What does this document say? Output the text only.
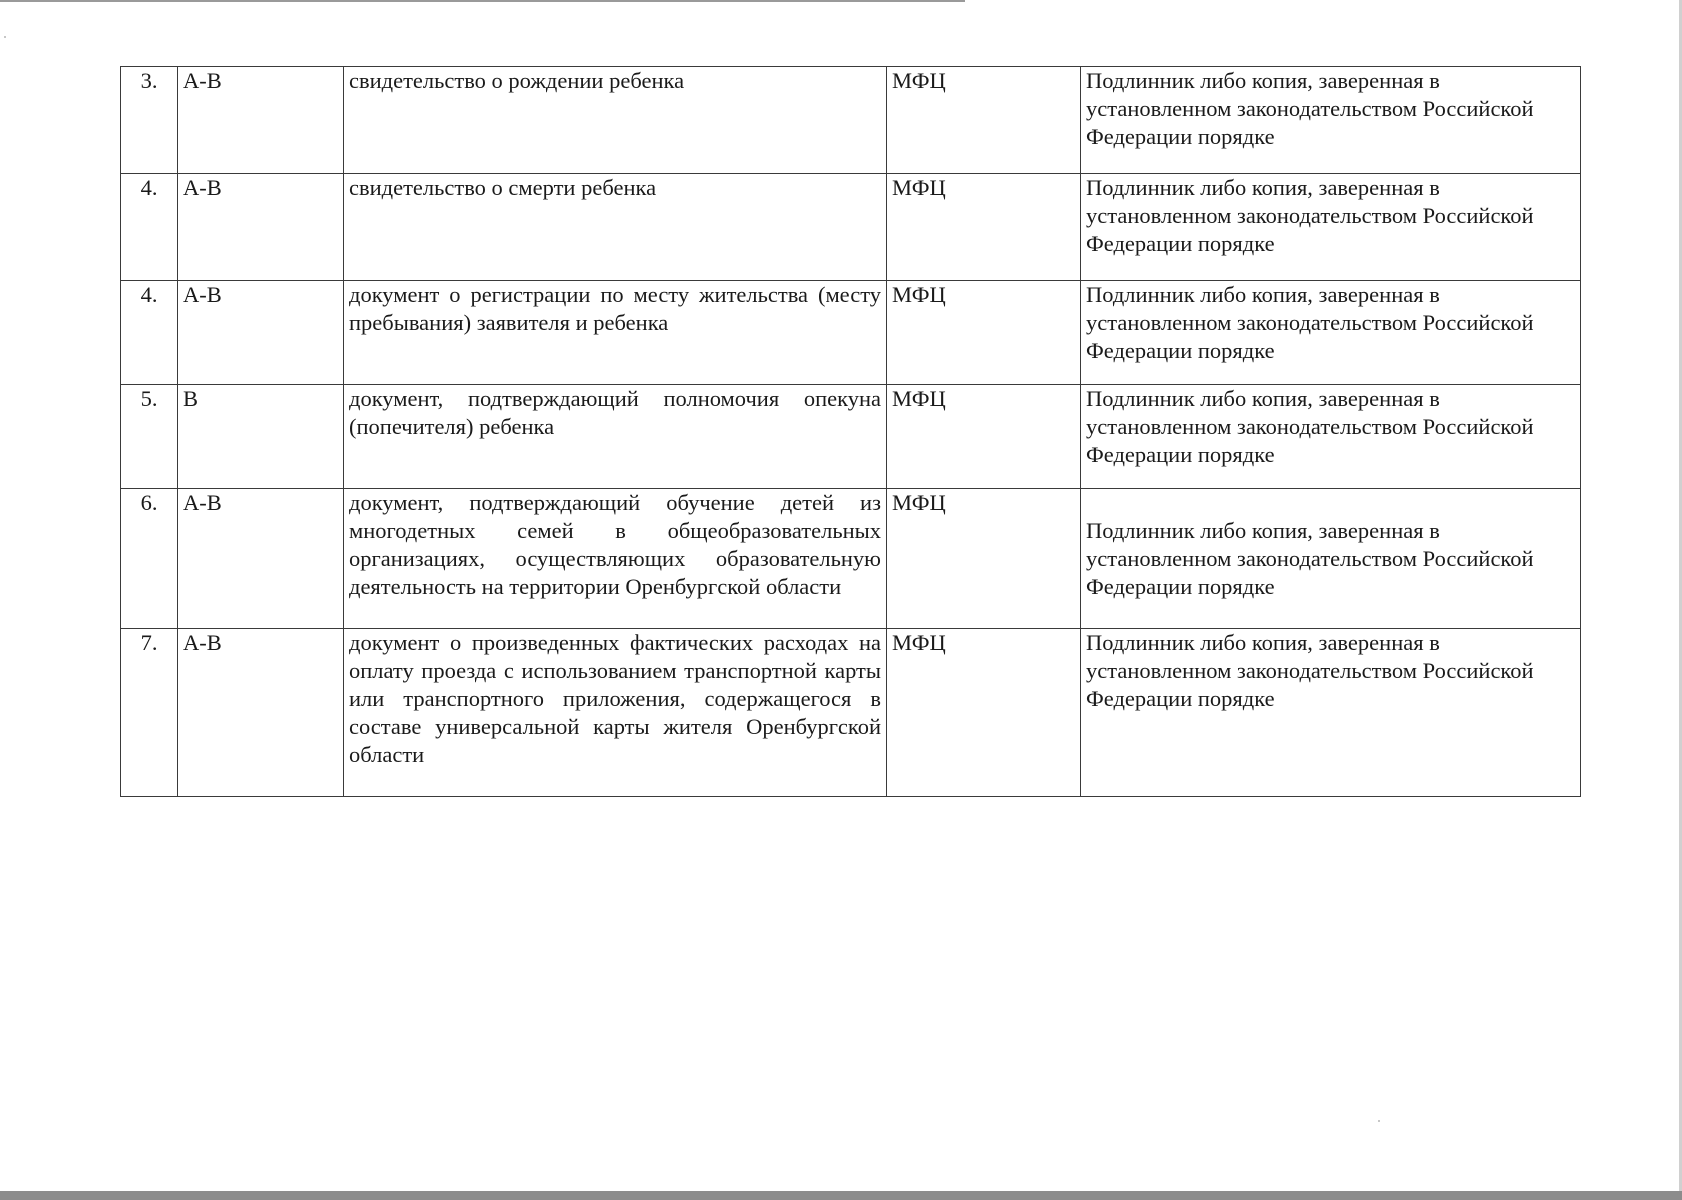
3.	А-В	свидетельство о рождении ребенка	МФЦ	Подлинник либо копия, заверенная в установленном законодательством Российской Федерации порядке
4.	А-В	свидетельство о смерти ребенка	МФЦ	Подлинник либо копия, заверенная в установленном законодательством Российской Федерации порядке
4.	А-В	документ о регистрации по месту жительства (месту пребывания) заявителя и ребенка	МФЦ	Подлинник либо копия, заверенная в установленном законодательством Российской Федерации порядке
5.	В	документ, подтверждающий полномочия опекуна (попечителя) ребенка	МФЦ	Подлинник либо копия, заверенная в установленном законодательством Российской Федерации порядке
6.	А-В	документ, подтверждающий обучение детей из многодетных семей в общеобразовательных организациях, осуществляющих образовательную деятельность на территории Оренбургской области	МФЦ	Подлинник либо копия, заверенная в установленном законодательством Российской Федерации порядке
7.	А-В	документ о произведенных фактических расходах на оплату проезда с использованием транспортной карты или транспортного приложения, содержащегося в составе универсальной карты жителя Оренбургской области	МФЦ	Подлинник либо копия, заверенная в установленном законодательством Российской Федерации порядке
